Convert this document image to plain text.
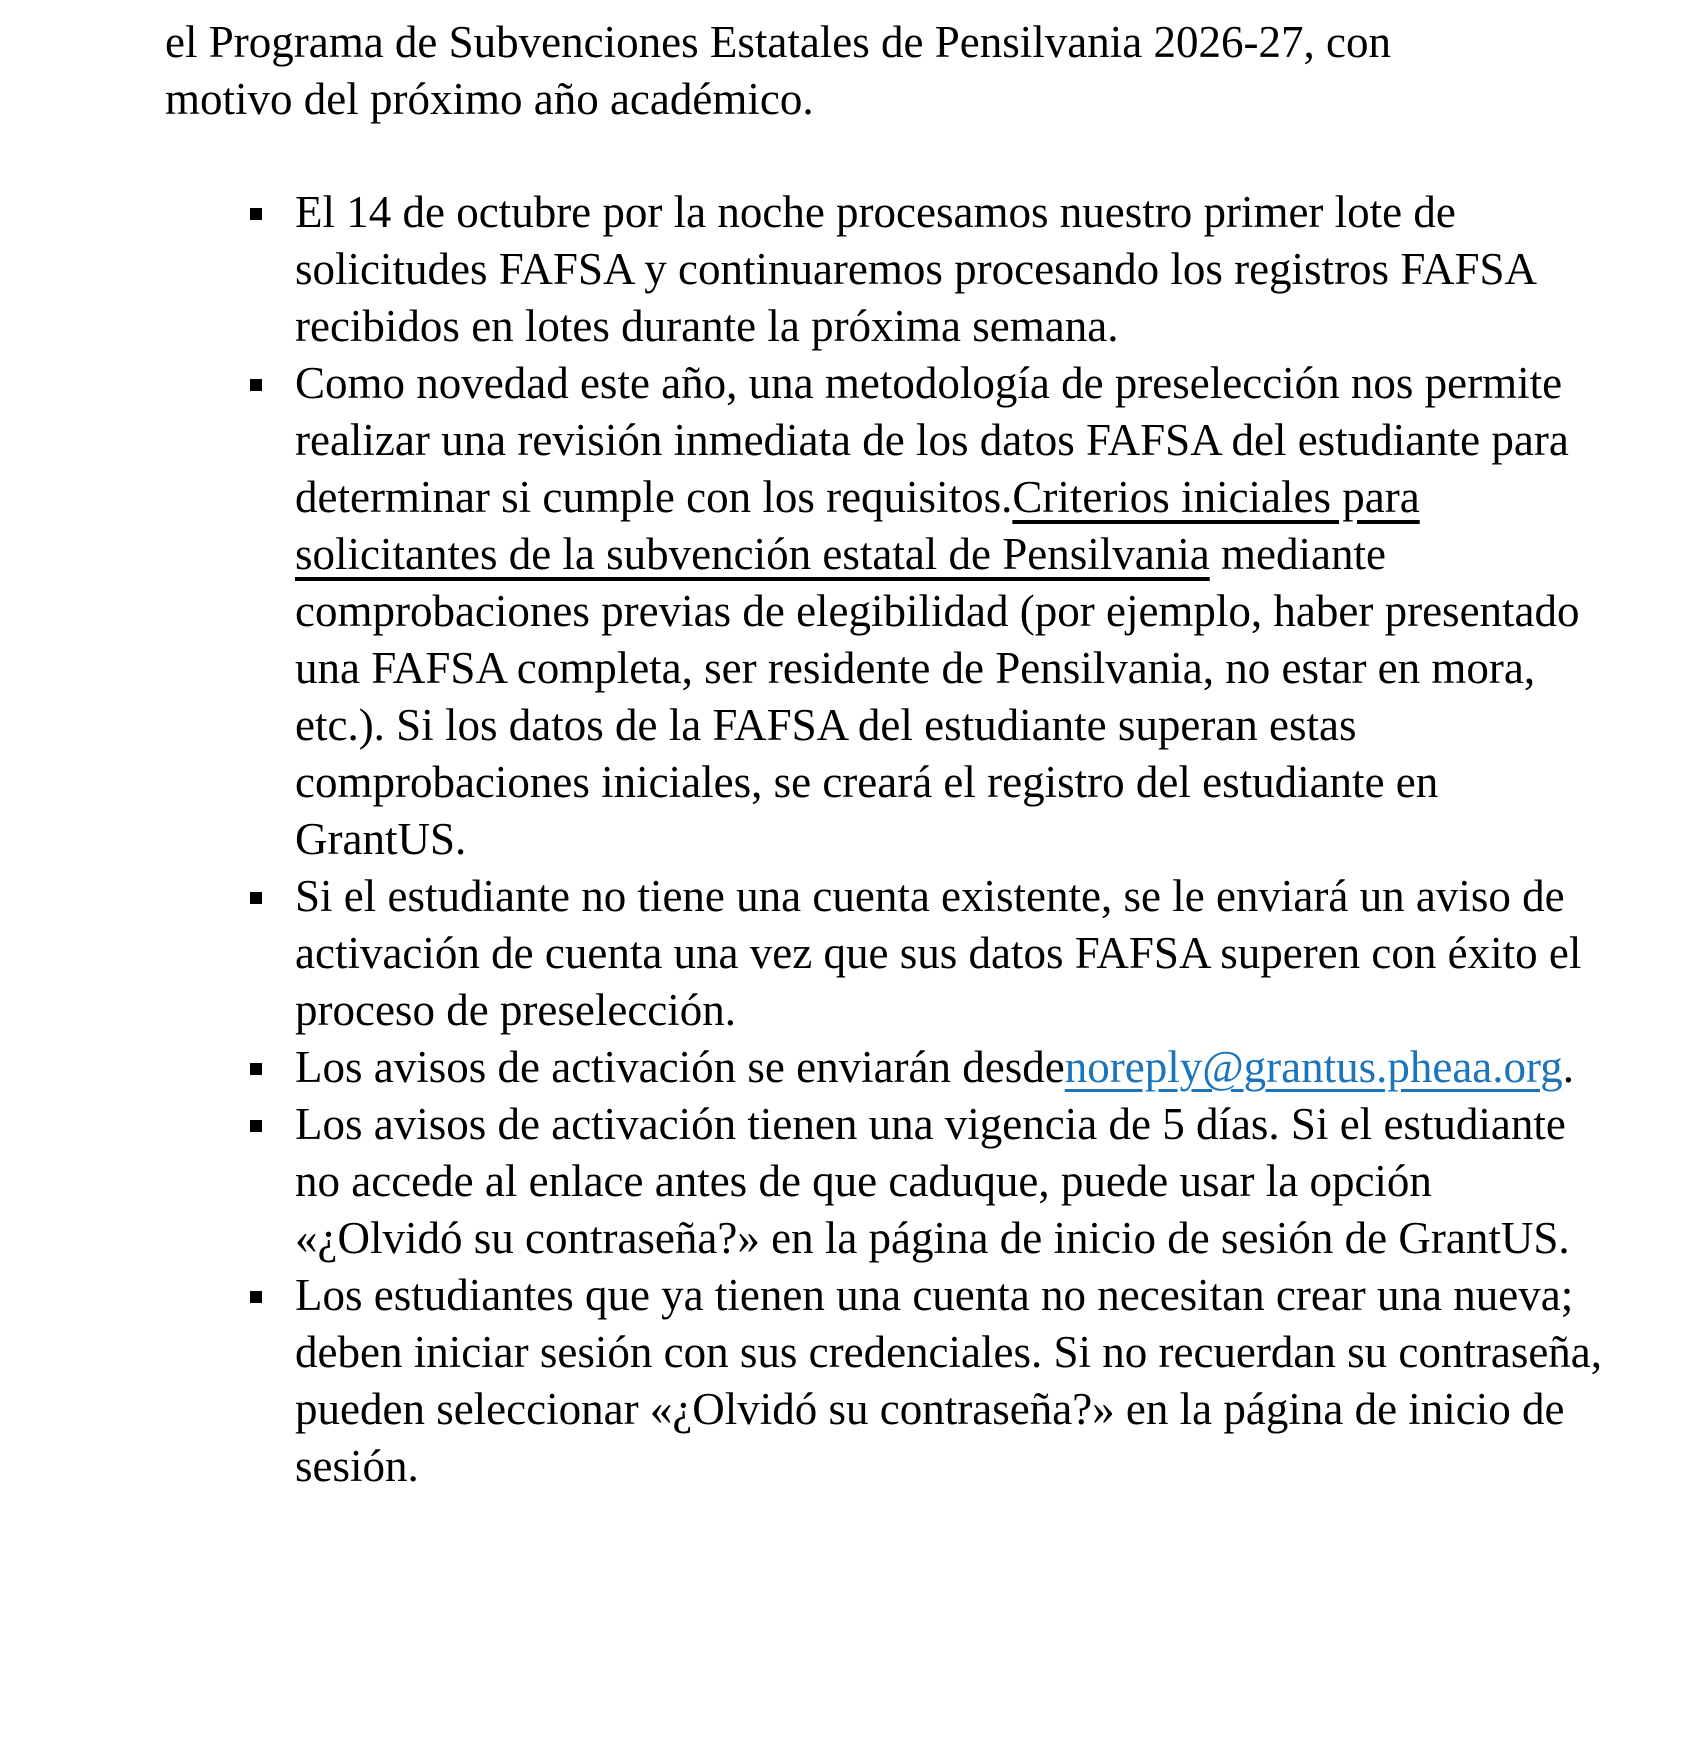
el Programa de Subvenciones Estatales de Pensilvania 2026-27, con motivo del próximo año académico.

El 14 de octubre por la noche procesamos nuestro primer lote de solicitudes FAFSA y continuaremos procesando los registros FAFSA recibidos en lotes durante la próxima semana.
Como novedad este año, una metodología de preselección nos permite realizar una revisión inmediata de los datos FAFSA del estudiante para determinar si cumple con los requisitos.Criterios iniciales para solicitantes de la subvención estatal de Pensilvania mediante comprobaciones previas de elegibilidad (por ejemplo, haber presentado una FAFSA completa, ser residente de Pensilvania, no estar en mora, etc.). Si los datos de la FAFSA del estudiante superan estas comprobaciones iniciales, se creará el registro del estudiante en GrantUS.
Si el estudiante no tiene una cuenta existente, se le enviará un aviso de activación de cuenta una vez que sus datos FAFSA superen con éxito el proceso de preselección.
Los avisos de activación se enviarán desdenoreply@grantus.pheaa.org.
Los avisos de activación tienen una vigencia de 5 días. Si el estudiante no accede al enlace antes de que caduque, puede usar la opción «¿Olvidó su contraseña?» en la página de inicio de sesión de GrantUS.
Los estudiantes que ya tienen una cuenta no necesitan crear una nueva; deben iniciar sesión con sus credenciales. Si no recuerdan su contraseña, pueden seleccionar «¿Olvidó su contraseña?» en la página de inicio de sesión.
